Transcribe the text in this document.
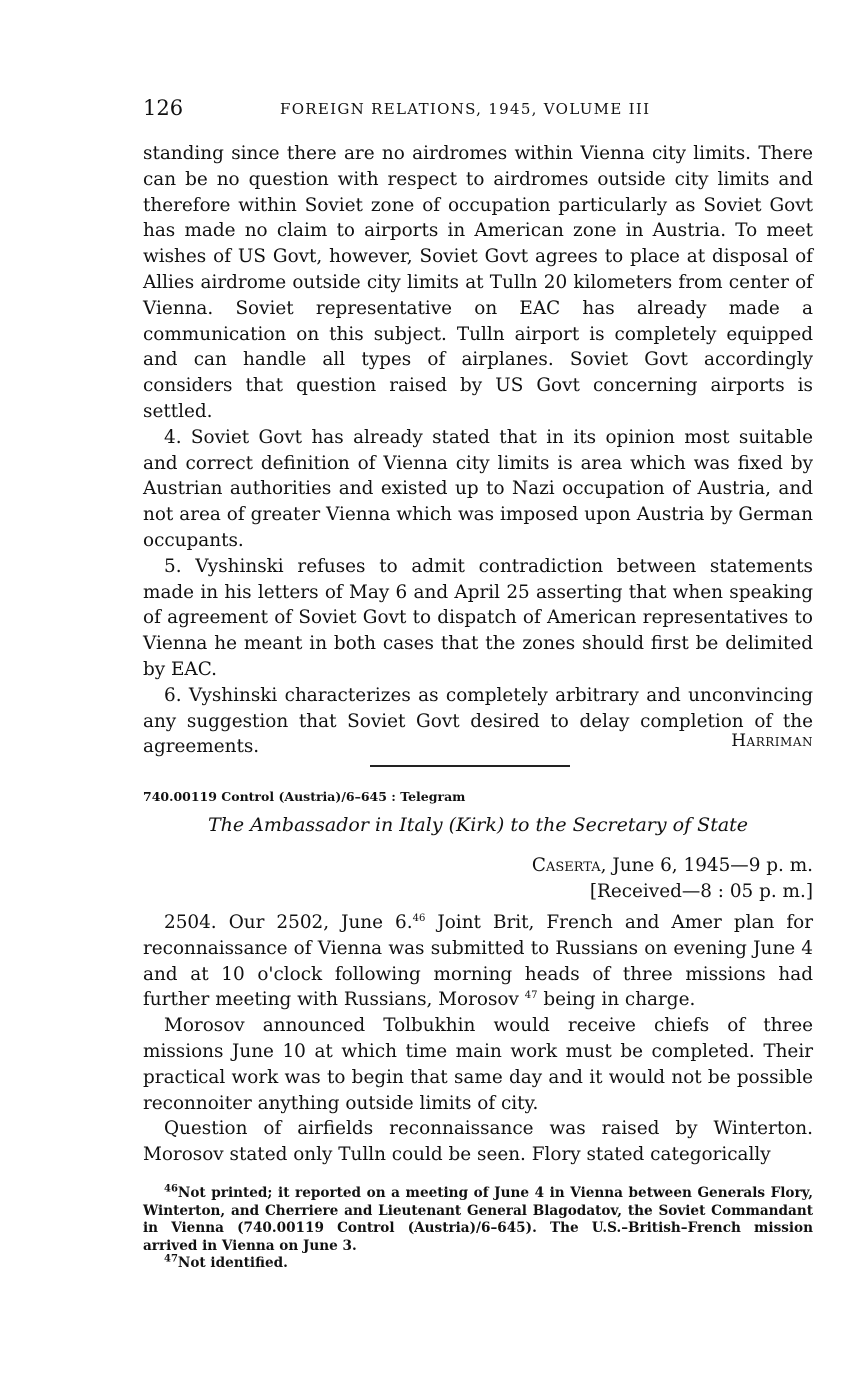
126	FOREIGN RELATIONS, 1945, VOLUME III

standing since there are no airdromes within Vienna city limits. There can be no question with respect to airdromes outside city limits and therefore within Soviet zone of occupation particularly as Soviet Govt has made no claim to airports in American zone in Austria. To meet wishes of US Govt, however, Soviet Govt agrees to place at disposal of Allies airdrome outside city limits at Tulln 20 kilometers from center of Vienna. Soviet representative on EAC has already made a communication on this subject. Tulln airport is completely equipped and can handle all types of airplanes. Soviet Govt accordingly considers that question raised by US Govt concerning airports is settled.

4. Soviet Govt has already stated that in its opinion most suitable and correct definition of Vienna city limits is area which was fixed by Austrian authorities and existed up to Nazi occupation of Austria, and not area of greater Vienna which was imposed upon Austria by German occupants.

5. Vyshinski refuses to admit contradiction between statements made in his letters of May 6 and April 25 asserting that when speaking of agreement of Soviet Govt to dispatch of American representatives to Vienna he meant in both cases that the zones should first be delimited by EAC.

6. Vyshinski characterizes as completely arbitrary and unconvincing any suggestion that Soviet Govt desired to delay completion of the agreements.	Harriman
740.00119 Control (Austria)/6–645 : Telegram
The Ambassador in Italy (Kirk) to the Secretary of State
Caserta, June 6, 1945—9 p. m.
[Received—8 : 05 p. m.]

2504. Our 2502, June 6.46 Joint Brit, French and Amer plan for reconnaissance of Vienna was submitted to Russians on evening June 4 and at 10 o'clock following morning heads of three missions had further meeting with Russians, Morosov $^{47}$ being in charge.

Morosov announced Tolbukhin would receive chiefs of three missions June 10 at which time main work must be completed. Their practical work was to begin that same day and it would not be possible reconnoiter anything outside limits of city.

Question of airfields reconnaissance was raised by Winterton. Morosov stated only Tulln could be seen. Flory stated categorically

$^{46}$Not printed; it reported on a meeting of June 4 in Vienna between Generals Flory, Winterton, and Cherriere and Lieutenant General Blagodatov, the Soviet Commandant in Vienna (740.00119 Control (Austria)/6–645). The U.S.–British–French mission arrived in Vienna on June 3.

$^{47}$Not identified.
